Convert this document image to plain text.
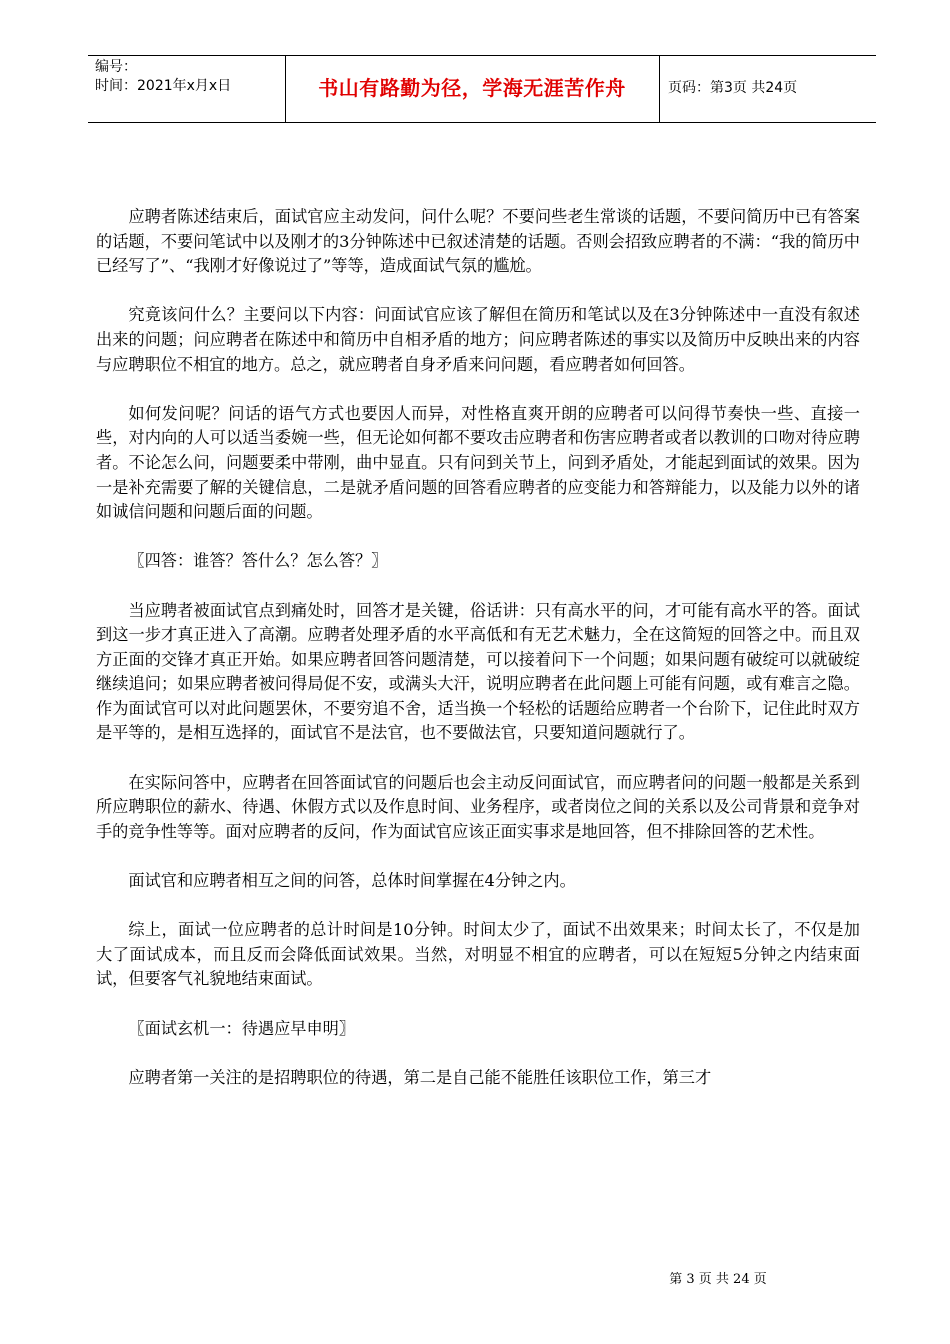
编号：
时间：2021年x月x日	书山有路勤为径，学海无涯苦作舟	页码：第3页 共24页

应聘者陈述结束后，面试官应主动发问，问什么呢？不要问些老生常谈的话题，不要问简历中已有答案的话题，不要问笔试中以及刚才的3分钟陈述中已叙述清楚的话题。否则会招致应聘者的不满：“我的简历中已经写了”、“我刚才好像说过了”等等，造成面试气氛的尴尬。

究竟该问什么？主要问以下内容：问面试官应该了解但在简历和笔试以及在3分钟陈述中一直没有叙述出来的问题；问应聘者在陈述中和简历中自相矛盾的地方；问应聘者陈述的事实以及简历中反映出来的内容与应聘职位不相宜的地方。总之，就应聘者自身矛盾来问问题，看应聘者如何回答。

如何发问呢？问话的语气方式也要因人而异，对性格直爽开朗的应聘者可以问得节奏快一些、直接一些，对内向的人可以适当委婉一些，但无论如何都不要攻击应聘者和伤害应聘者或者以教训的口吻对待应聘者。不论怎么问，问题要柔中带刚，曲中显直。只有问到关节上，问到矛盾处，才能起到面试的效果。因为一是补充需要了解的关键信息，二是就矛盾问题的回答看应聘者的应变能力和答辩能力，以及能力以外的诸如诚信问题和问题后面的问题。

〖四答：谁答？答什么？怎么答？〗

当应聘者被面试官点到痛处时，回答才是关键，俗话讲：只有高水平的问，才可能有高水平的答。面试到这一步才真正进入了高潮。应聘者处理矛盾的水平高低和有无艺术魅力，全在这简短的回答之中。而且双方正面的交锋才真正开始。如果应聘者回答问题清楚，可以接着问下一个问题；如果问题有破绽可以就破绽继续追问；如果应聘者被问得局促不安，或满头大汗，说明应聘者在此问题上可能有问题，或有难言之隐。作为面试官可以对此问题罢休，不要穷追不舍，适当换一个轻松的话题给应聘者一个台阶下，记住此时双方是平等的，是相互选择的，面试官不是法官，也不要做法官，只要知道问题就行了。

在实际问答中，应聘者在回答面试官的问题后也会主动反问面试官，而应聘者问的问题一般都是关系到所应聘职位的薪水、待遇、休假方式以及作息时间、业务程序，或者岗位之间的关系以及公司背景和竞争对手的竞争性等等。面对应聘者的反问，作为面试官应该正面实事求是地回答，但不排除回答的艺术性。

面试官和应聘者相互之间的问答，总体时间掌握在4分钟之内。

综上，面试一位应聘者的总计时间是10分钟。时间太少了，面试不出效果来；时间太长了，不仅是加大了面试成本，而且反而会降低面试效果。当然，对明显不相宜的应聘者，可以在短短5分钟之内结束面试，但要客气礼貌地结束面试。

〖面试玄机一：待遇应早申明〗

应聘者第一关注的是招聘职位的待遇，第二是自己能不能胜任该职位工作，第三才

第 3 页 共 24 页
